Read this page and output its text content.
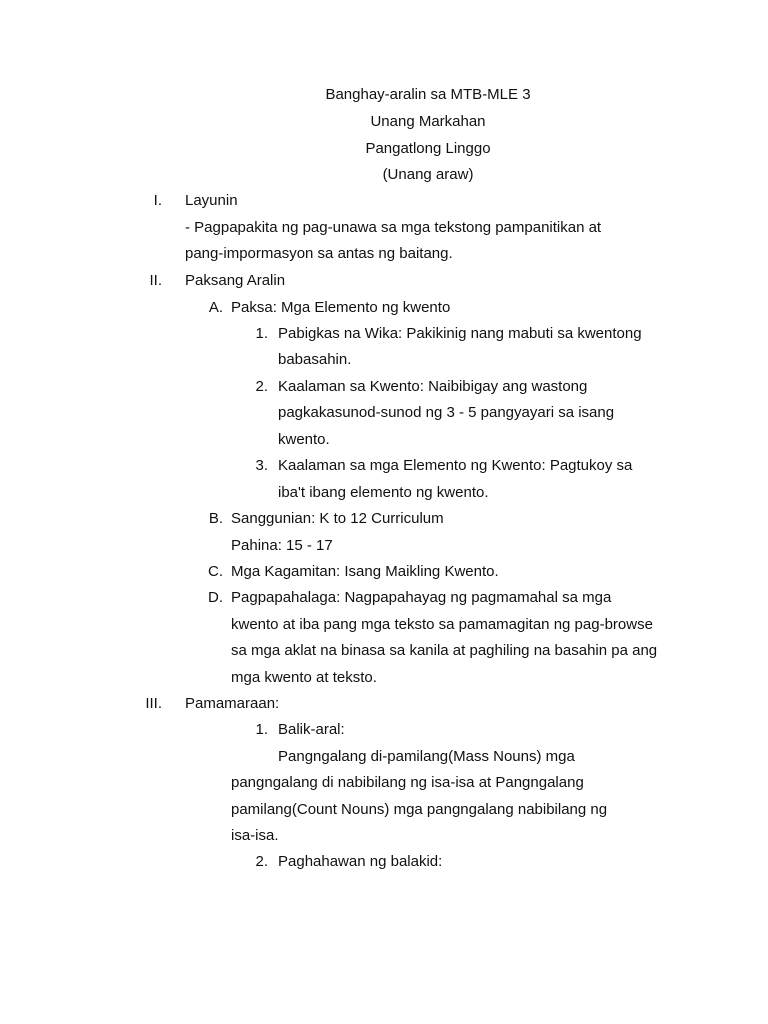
Banghay-aralin sa MTB-MLE 3
Unang Markahan
Pangatlong Linggo
(Unang araw)
I. Layunin
- Pagpapakita ng pag-unawa sa mga tekstong pampanitikan at
pang-impormasyon sa antas ng baitang.
II. Paksang Aralin
A. Paksa: Mga Elemento ng kwento
1. Pabigkas na Wika: Pakikinig nang mabuti sa kwentong
babasahin.
2. Kaalaman sa Kwento: Naibibigay ang wastong
pagkakasunod-sunod ng 3 - 5 pangyayari sa isang
kwento.
3. Kaalaman sa mga Elemento ng Kwento: Pagtukoy sa
iba't ibang elemento ng kwento.
B. Sanggunian: K to 12 Curriculum
Pahina: 15 - 17
C. Mga Kagamitan: Isang Maikling Kwento.
D. Pagpapahalaga: Nagpapahayag ng pagmamahal sa mga
kwento at iba pang mga teksto sa pamamagitan ng pag-browse
sa mga aklat na binasa sa kanila at paghiling na basahin pa ang
mga kwento at teksto.
III. Pamamaraan:
1. Balik-aral:
Pangngalang di-pamilang(Mass Nouns) mga
pangngalang di nabibilang ng isa-isa at Pangngalang
pamilang(Count Nouns) mga pangngalang nabibilang ng
isa-isa.
2. Paghahawan ng balakid:
